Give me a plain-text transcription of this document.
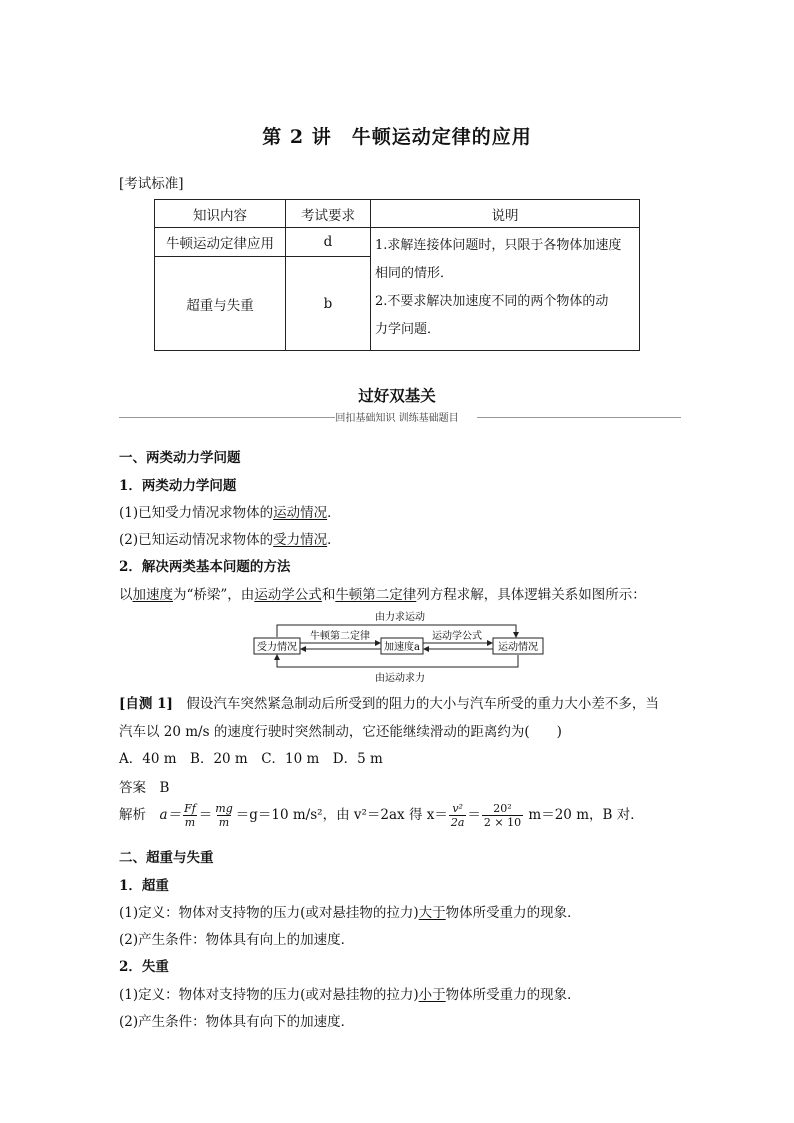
第 2 讲　牛顿运动定律的应用
[考试标准]
知识内容	考试要求	说明
牛顿运动定律应用	d	1.求解连接体问题时，只限于各物体加速度
相同的情形．
2.不要求解决加速度不同的两个物体的动
力学问题．

超重与失重	b	
过好双基关
回扣基础知识 训练基础题目
一、两类动力学问题
1．两类动力学问题
(1)已知受力情况求物体的运动情况．
(2)已知运动情况求物体的受力情况．
2．解决两类基本问题的方法
以加速度为“桥梁”，由运动学公式和牛顿第二定律列方程求解，具体逻辑关系如图所示：
由力求运动
受力情况	加速度a	运动情况
牛顿第二定律	运动学公式
由运动求力
[自测 1]　 假设汽车突然紧急制动后所受到的阻力的大小与汽车所受的重力大小差不多，当
汽车以 20 m/s 的速度行驶时突然制动，它还能继续滑动的距离约为(　　)
A．40 m　B．20 m　C．10 m　D．5 m
答案　 B
解析　 $a= \frac{Ff}{m} = \frac{mg}{m} =g=10$ m/s²，由 v²＝2ax 得 $x= \frac{\text{v²}}{2a} = \frac{\text{20²}}{2 \times 10} m=20$ m，B 对．
二、超重与失重
1．超重
(1)定义：物体对支持物的压力(或对悬挂物的拉力)大于物体所受重力的现象．
(2)产生条件：物体具有向上的加速度．
2．失重
(1)定义：物体对支持物的压力(或对悬挂物的拉力)小于物体所受重力的现象．
(2)产生条件：物体具有向下的加速度．
